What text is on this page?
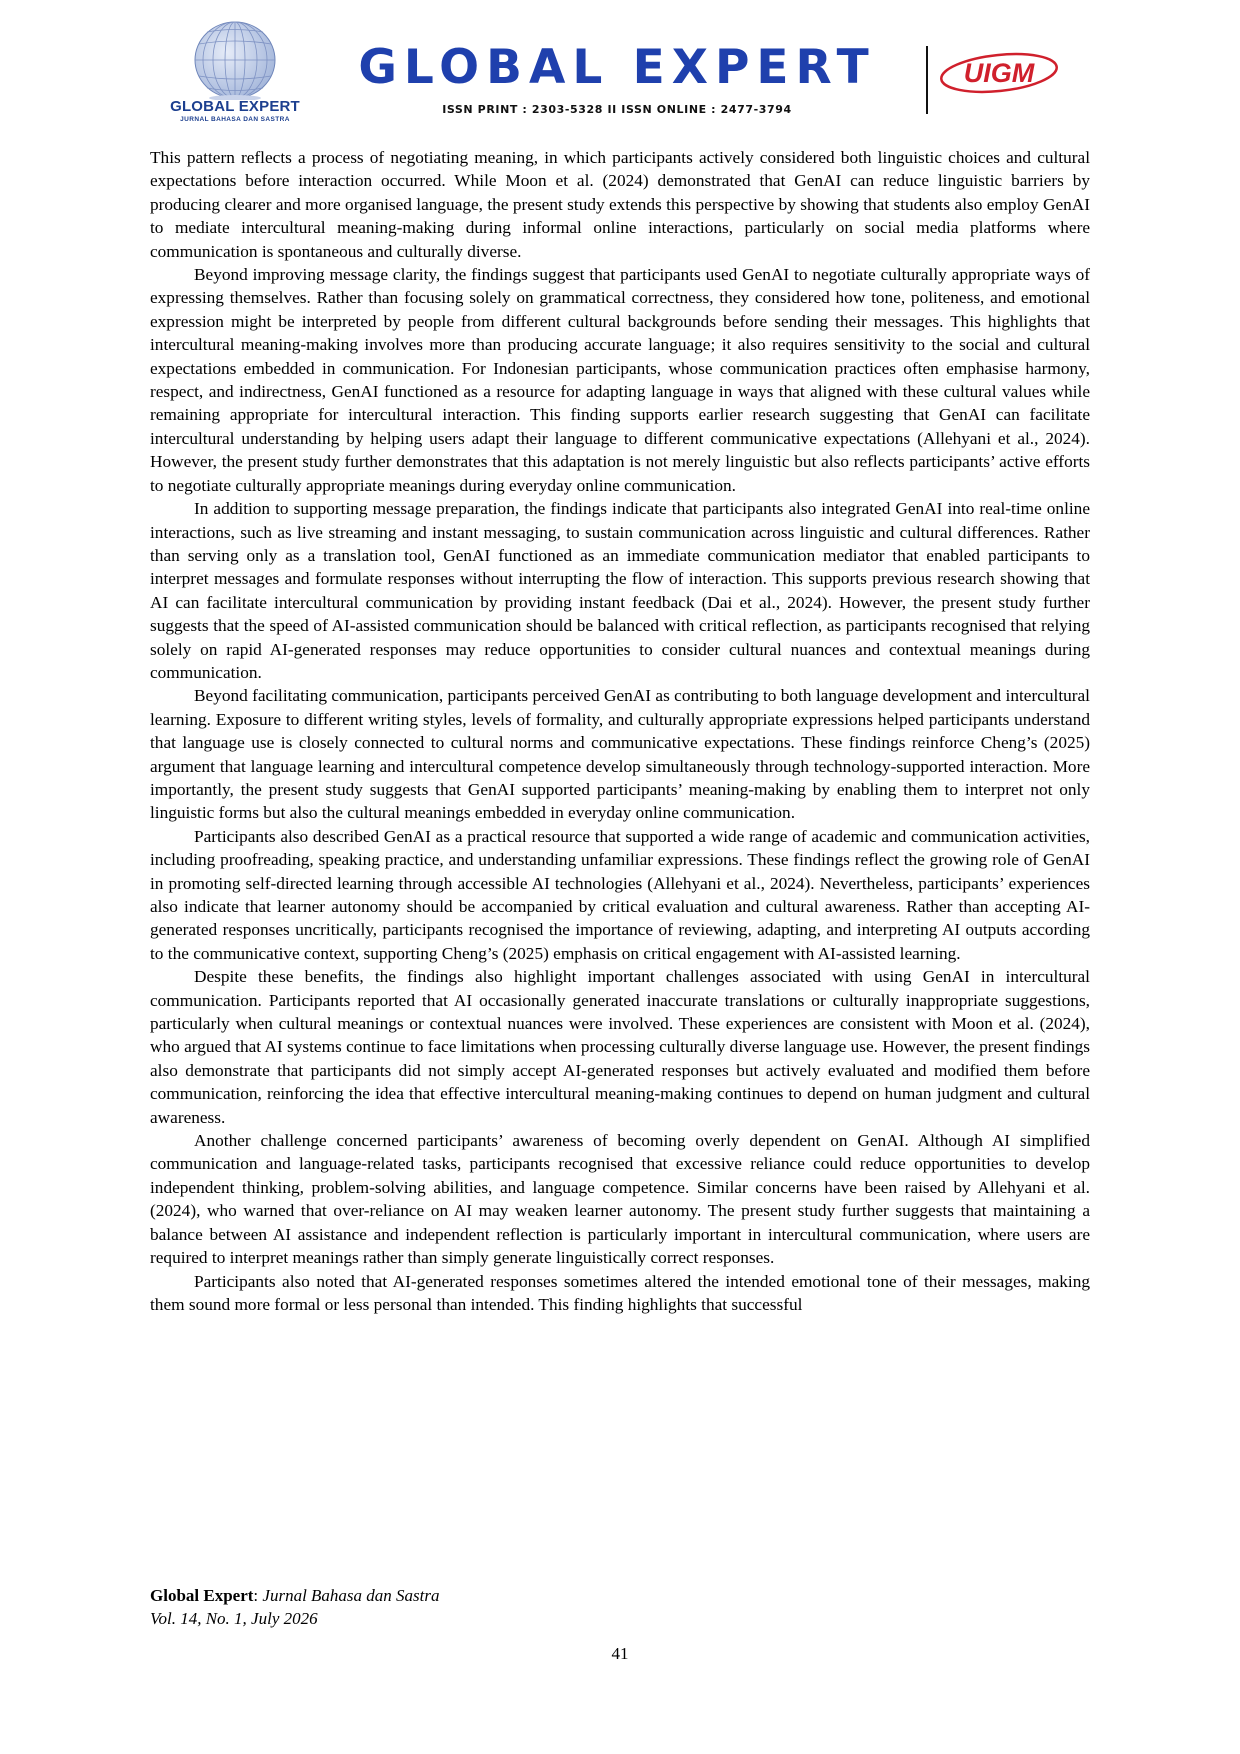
GLOBAL EXPERT
JURNAL BAHASA DAN SASTRA
GLOBAL EXPERT
ISSN PRINT : 2303-5328 II ISSN ONLINE : 2477-3794
UIGM

This pattern reflects a process of negotiating meaning, in which participants actively considered both linguistic choices and cultural expectations before interaction occurred. While Moon et al. (2024) demonstrated that GenAI can reduce linguistic barriers by producing clearer and more organised language, the present study extends this perspective by showing that students also employ GenAI to mediate intercultural meaning-making during informal online interactions, particularly on social media platforms where communication is spontaneous and culturally diverse.

Beyond improving message clarity, the findings suggest that participants used GenAI to negotiate culturally appropriate ways of expressing themselves. Rather than focusing solely on grammatical correctness, they considered how tone, politeness, and emotional expression might be interpreted by people from different cultural backgrounds before sending their messages. This highlights that intercultural meaning-making involves more than producing accurate language; it also requires sensitivity to the social and cultural expectations embedded in communication. For Indonesian participants, whose communication practices often emphasise harmony, respect, and indirectness, GenAI functioned as a resource for adapting language in ways that aligned with these cultural values while remaining appropriate for intercultural interaction. This finding supports earlier research suggesting that GenAI can facilitate intercultural understanding by helping users adapt their language to different communicative expectations (Allehyani et al., 2024). However, the present study further demonstrates that this adaptation is not merely linguistic but also reflects participants’ active efforts to negotiate culturally appropriate meanings during everyday online communication.

In addition to supporting message preparation, the findings indicate that participants also integrated GenAI into real-time online interactions, such as live streaming and instant messaging, to sustain communication across linguistic and cultural differences. Rather than serving only as a translation tool, GenAI functioned as an immediate communication mediator that enabled participants to interpret messages and formulate responses without interrupting the flow of interaction. This supports previous research showing that AI can facilitate intercultural communication by providing instant feedback (Dai et al., 2024). However, the present study further suggests that the speed of AI-assisted communication should be balanced with critical reflection, as participants recognised that relying solely on rapid AI-generated responses may reduce opportunities to consider cultural nuances and contextual meanings during communication.

Beyond facilitating communication, participants perceived GenAI as contributing to both language development and intercultural learning. Exposure to different writing styles, levels of formality, and culturally appropriate expressions helped participants understand that language use is closely connected to cultural norms and communicative expectations. These findings reinforce Cheng’s (2025) argument that language learning and intercultural competence develop simultaneously through technology-supported interaction. More importantly, the present study suggests that GenAI supported participants’ meaning-making by enabling them to interpret not only linguistic forms but also the cultural meanings embedded in everyday online communication.

Participants also described GenAI as a practical resource that supported a wide range of academic and communication activities, including proofreading, speaking practice, and understanding unfamiliar expressions. These findings reflect the growing role of GenAI in promoting self-directed learning through accessible AI technologies (Allehyani et al., 2024). Nevertheless, participants’ experiences also indicate that learner autonomy should be accompanied by critical evaluation and cultural awareness. Rather than accepting AI-generated responses uncritically, participants recognised the importance of reviewing, adapting, and interpreting AI outputs according to the communicative context, supporting Cheng’s (2025) emphasis on critical engagement with AI-assisted learning.

Despite these benefits, the findings also highlight important challenges associated with using GenAI in intercultural communication. Participants reported that AI occasionally generated inaccurate translations or culturally inappropriate suggestions, particularly when cultural meanings or contextual nuances were involved. These experiences are consistent with Moon et al. (2024), who argued that AI systems continue to face limitations when processing culturally diverse language use. However, the present findings also demonstrate that participants did not simply accept AI-generated responses but actively evaluated and modified them before communication, reinforcing the idea that effective intercultural meaning-making continues to depend on human judgment and cultural awareness.

Another challenge concerned participants’ awareness of becoming overly dependent on GenAI. Although AI simplified communication and language-related tasks, participants recognised that excessive reliance could reduce opportunities to develop independent thinking, problem-solving abilities, and language competence. Similar concerns have been raised by Allehyani et al. (2024), who warned that over-reliance on AI may weaken learner autonomy. The present study further suggests that maintaining a balance between AI assistance and independent reflection is particularly important in intercultural communication, where users are required to interpret meanings rather than simply generate linguistically correct responses.

Participants also noted that AI-generated responses sometimes altered the intended emotional tone of their messages, making them sound more formal or less personal than intended. This finding highlights that successful

Global Expert: Jurnal Bahasa dan Sastra
Vol. 14, No. 1, July 2026
41
